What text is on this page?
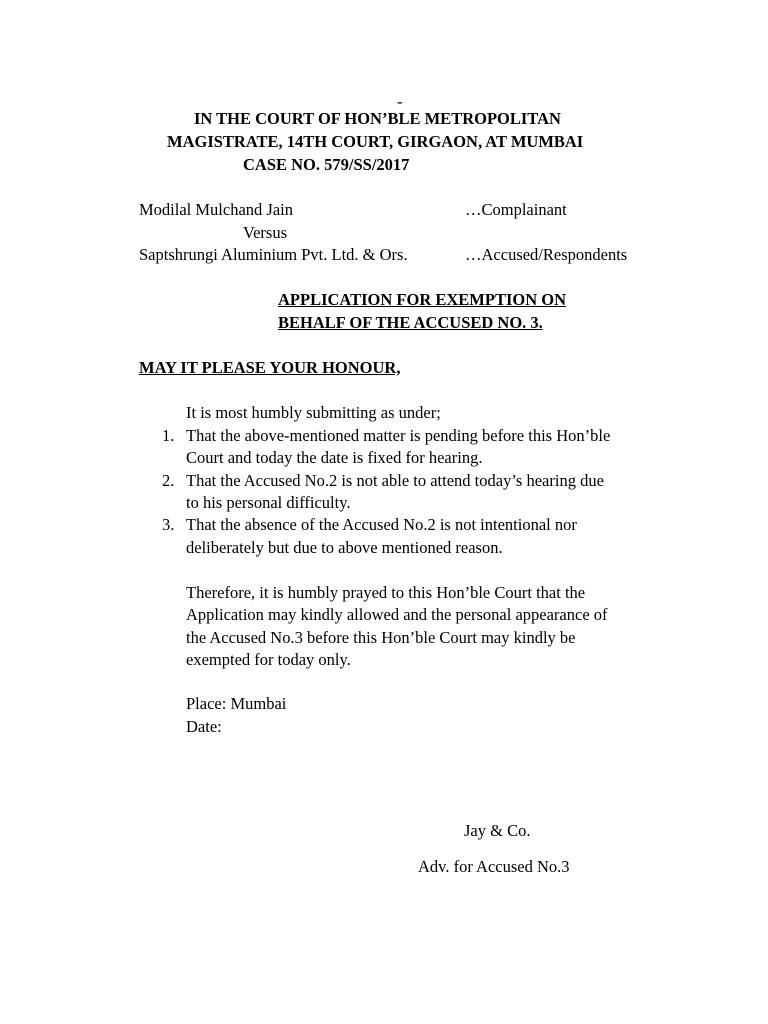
-
IN THE COURT OF HON’BLE METROPOLITAN
MAGISTRATE, 14TH COURT, GIRGAON, AT MUMBAI
CASE NO. 579/SS/2017
Modilal Mulchand Jain	…Complainant
Versus
Saptshrungi Aluminium Pvt. Ltd. & Ors.	…Accused/Respondents
APPLICATION FOR EXEMPTION ON
BEHALF OF THE ACCUSED NO. 3.
MAY IT PLEASE YOUR HONOUR,
It is most humbly submitting as under;
1. That the above-mentioned matter is pending before this Hon’ble
Court and today the date is fixed for hearing.
2. That the Accused No.2 is not able to attend today’s hearing due
to his personal difficulty.
3. That the absence of the Accused No.2 is not intentional nor
deliberately but due to above mentioned reason.
Therefore, it is humbly prayed to this Hon’ble Court that the
Application may kindly allowed and the personal appearance of
the Accused No.3 before this Hon’ble Court may kindly be
exempted for today only.
Place: Mumbai
Date:
Jay & Co.
Adv. for Accused No.3
